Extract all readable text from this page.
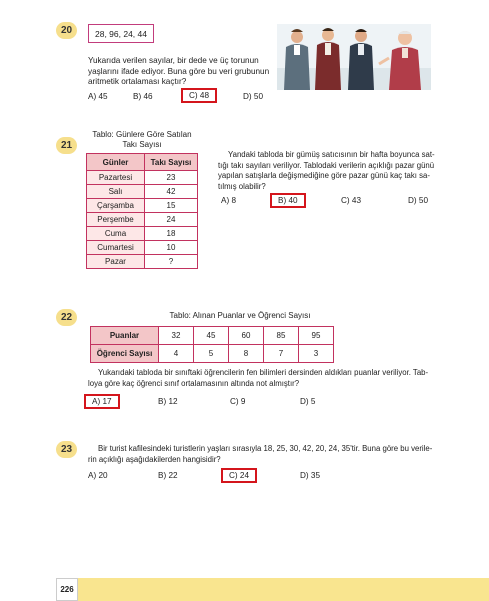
20	28, 96, 24, 44
Yukarıda verilen sayılar, bir dede ve üç torunun
yaşlarını ifade ediyor. Buna göre bu veri grubunun
aritmetik ortalaması kaçtır?
A) 45	B) 46	C) 48	D) 50
21
Tablo: Günlere Göre Satılan
Takı Sayısı
Günler	Takı Sayısı
Pazartesi	23
Salı	42
Çarşamba	15
Perşembe	24
Cuma	18
Cumartesi	10
Pazar	?
Yandaki tabloda bir gümüş satıcısının bir hafta boyunca sat-
tığı takı sayıları veriliyor. Tablodaki verilerin açıklığı pazar günü
yapılan satışlarla değişmediğine göre pazar günü kaç takı sa-
tılmış olabilir?
A) 8	B) 40	C) 43	D) 50
22	Tablo: Alınan Puanlar ve Öğrenci Sayısı
Puanlar	32	45	60	85	95
Öğrenci Sayısı	4	5	8	7	3
Yukarıdaki tabloda bir sınıftaki öğrencilerin fen bilimleri dersinden aldıkları puanlar veriliyor. Tab-
loya göre kaç öğrenci sınıf ortalamasının altında not almıştır?
A) 17	B) 12	C) 9	D) 5
23	Bir turist kafilesindeki turistlerin yaşları sırasıyla 18, 25, 30, 42, 20, 24, 35'tir. Buna göre bu verile-
rin açıklığı aşağıdakilerden hangisidir?
A) 20	B) 22	C) 24	D) 35
226
